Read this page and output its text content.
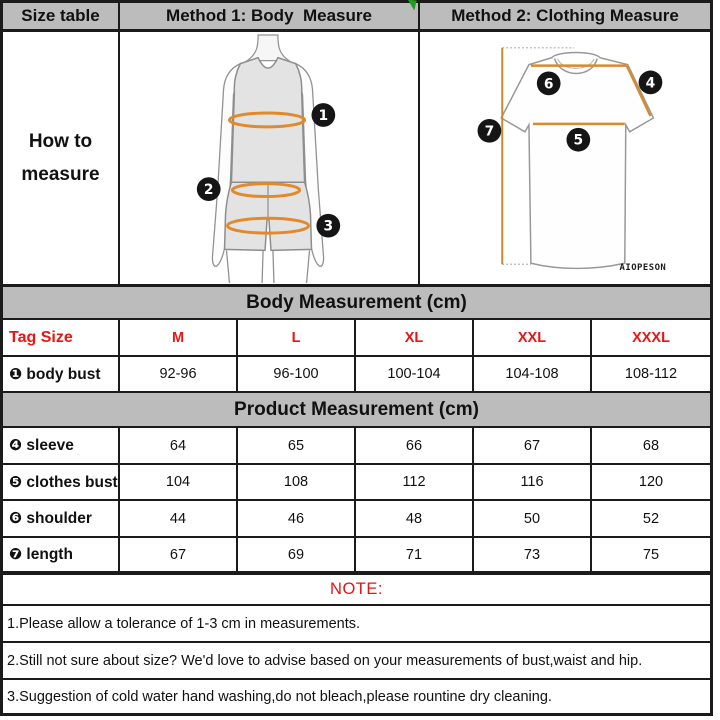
Size table	Method 1: Body  Measure	Method 2: Clothing Measure
How to
measure
1
2
3
6	4
7
5
AIOPESON
Body Measurement (cm)
Tag Size	M	L	XL	XXL	XXXL
❶ body bust	92-96	96-100	100-104	104-108	108-112
Product Measurement (cm)
❹ sleeve	64	65	66	67	68
❺ clothes bust	104	108	112	116	120
❻ shoulder	44	46	48	50	52
❼ length	67	69	71	73	75
NOTE:
1.Please allow a tolerance of 1-3 cm in measurements.
2.Still not sure about size? We'd love to advise based on your measurements of bust,waist and hip.
3.Suggestion of cold water hand washing,do not bleach,please rountine dry cleaning.
